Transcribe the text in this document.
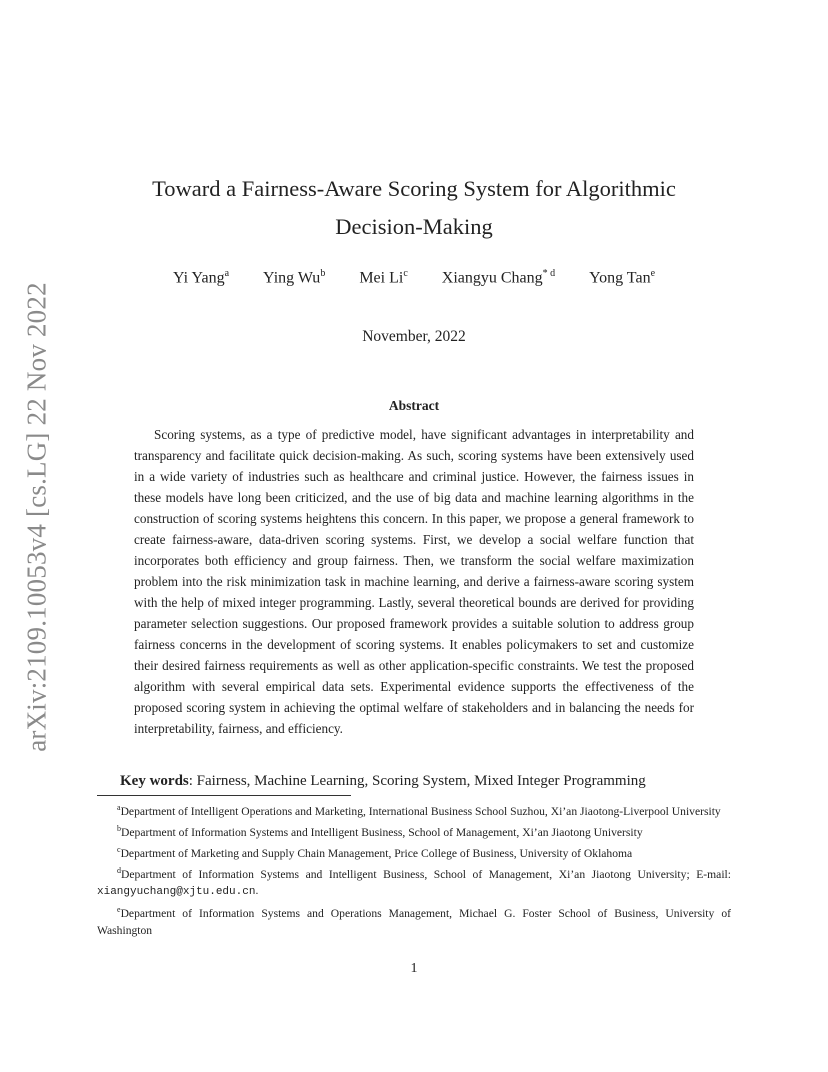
arXiv:2109.10053v4 [cs.LG] 22 Nov 2022
Toward a Fairness-Aware Scoring System for Algorithmic
Decision-Making
Yi Yang$^a$ Ying Wu$^b$ Mei Li$^c$ Xiangyu Chang$^{* d}$ Yong Tan$^e$
November, 2022
Abstract

Scoring systems, as a type of predictive model, have significant advantages in interpretability and transparency and facilitate quick decision-making. As such, scoring systems have been extensively used in a wide variety of industries such as healthcare and criminal justice. However, the fairness issues in these models have long been criticized, and the use of big data and machine learning algorithms in the construction of scoring systems heightens this concern. In this paper, we propose a general framework to create fairness-aware, data-driven scoring systems. First, we develop a social welfare function that incorporates both efficiency and group fairness. Then, we transform the social welfare maximization problem into the risk minimization task in machine learning, and derive a fairness-aware scoring system with the help of mixed integer programming. Lastly, several theoretical bounds are derived for providing parameter selection suggestions. Our proposed framework provides a suitable solution to address group fairness concerns in the development of scoring systems. It enables policymakers to set and customize their desired fairness requirements as well as other application-specific constraints. We test the proposed algorithm with several empirical data sets. Experimental evidence supports the effectiveness of the proposed scoring system in achieving the optimal welfare of stakeholders and in balancing the needs for interpretability, fairness, and efficiency.

Key words: Fairness, Machine Learning, Scoring System, Mixed Integer Programming

$^a$Department of Intelligent Operations and Marketing, International Business School Suzhou, Xi’an Jiaotong-Liverpool University

$^b$Department of Information Systems and Intelligent Business, School of Management, Xi’an Jiaotong University

$^c$Department of Marketing and Supply Chain Management, Price College of Business, University of Oklahoma

$^d$Department of Information Systems and Intelligent Business, School of Management, Xi’an Jiaotong University; E-mail: xiangyuchang@xjtu.edu.cn.

$^e$Department of Information Systems and Operations Management, Michael G. Foster School of Business, University of Washington

1
